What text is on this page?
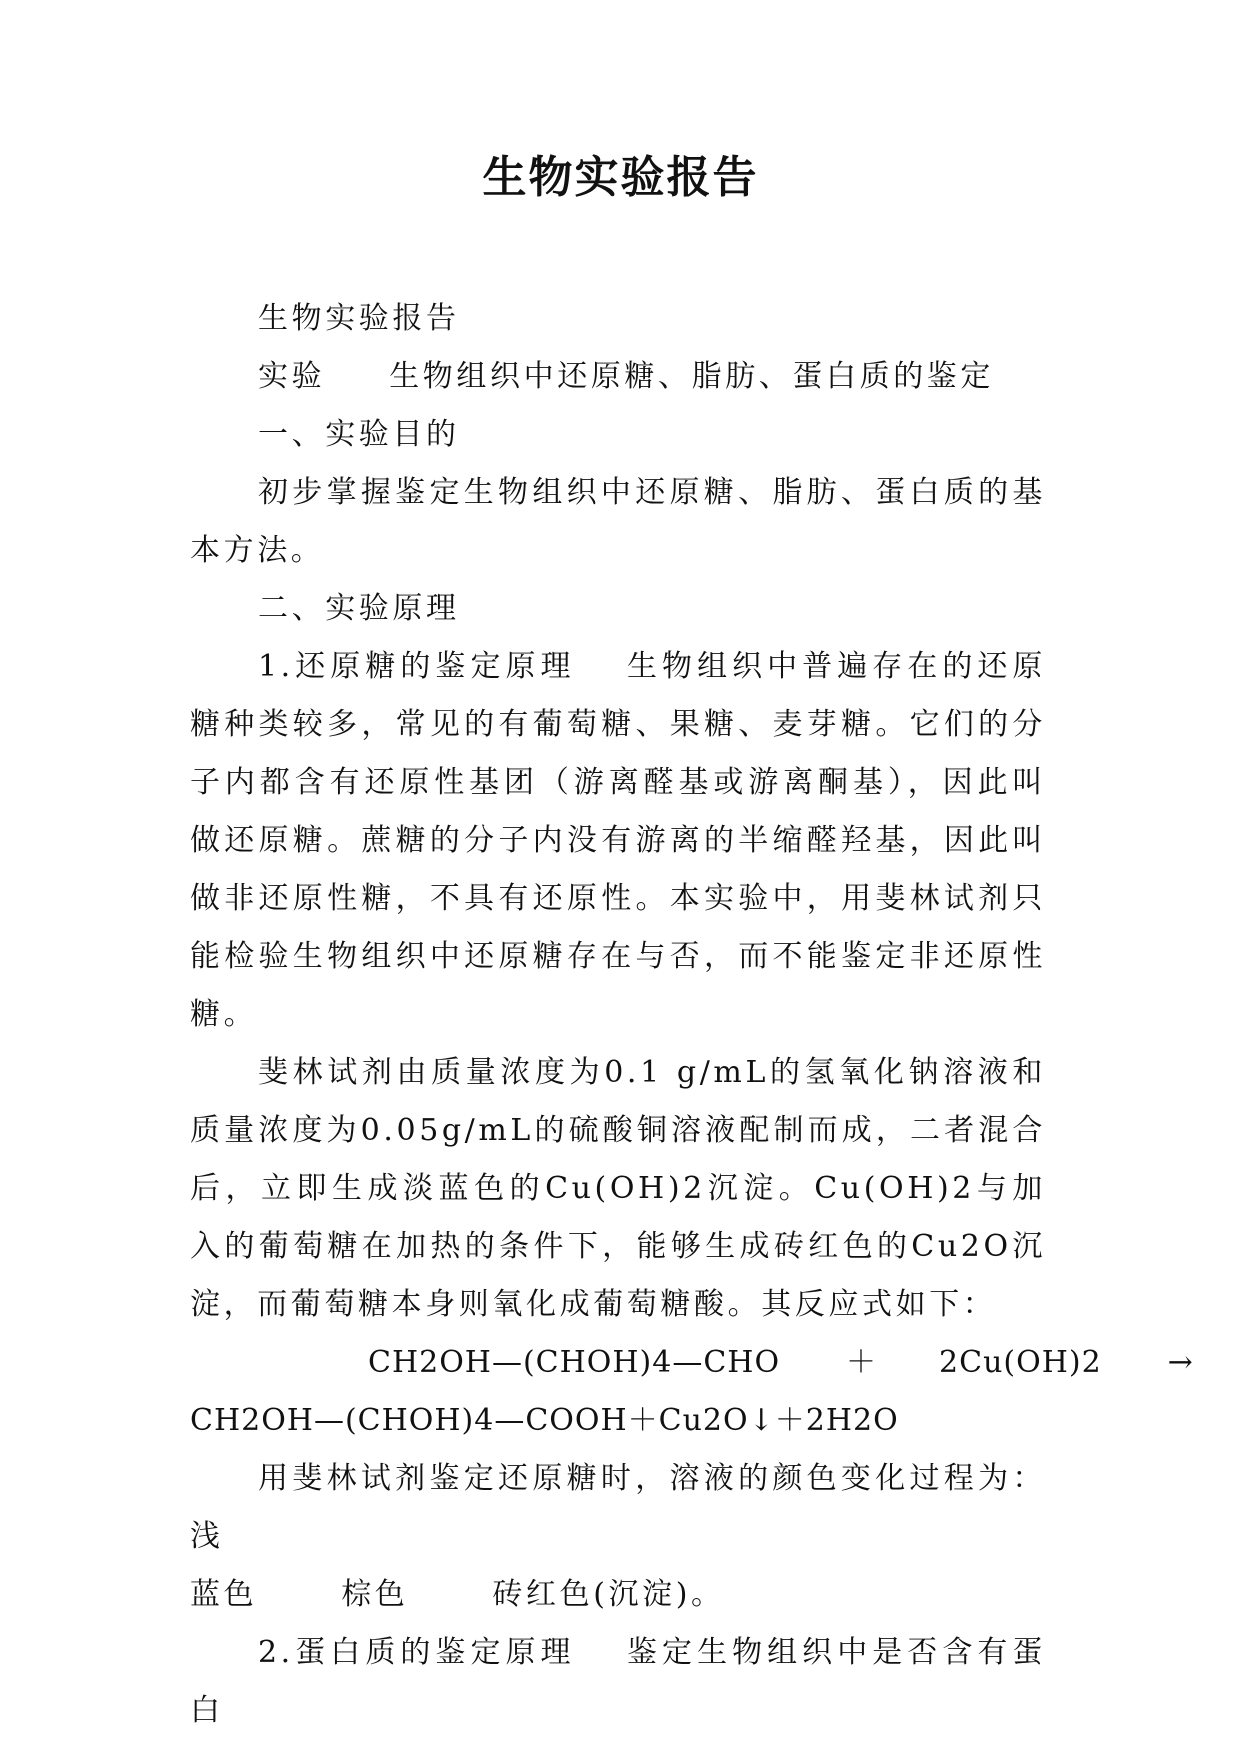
生物实验报告

生物实验报告

实验 生物组织中还原糖、脂肪、蛋白质的鉴定

一、实验目的

初步掌握鉴定生物组织中还原糖、脂肪、蛋白质的基本方法。

二、实验原理

1.还原糖的鉴定原理 生物组织中普遍存在的还原糖种类较多，常见的有葡萄糖、果糖、麦芽糖。它们的分子内都含有还原性基团（游离醛基或游离酮基），因此叫做还原糖。蔗糖的分子内没有游离的半缩醛羟基，因此叫做非还原性糖，不具有还原性。本实验中，用斐林试剂只能检验生物组织中还原糖存在与否，而不能鉴定非还原性糖。

斐林试剂由质量浓度为0.1 g/mL的氢氧化钠溶液和质量浓度为0.05g/mL的硫酸铜溶液配制而成，二者混合后，立即生成淡蓝色的Cu(OH)2沉淀。Cu(OH)2与加入的葡萄糖在加热的条件下，能够生成砖红色的Cu2O沉淀，而葡萄糖本身则氧化成葡萄糖酸。其反应式如下：

CH2OH—(CHOH)4—CHO ＋ 2Cu(OH)2 →

CH2OH—(CHOH)4—COOH＋Cu2O↓＋2H2O

用斐林试剂鉴定还原糖时，溶液的颜色变化过程为：浅

蓝色	棕色	砖红色(沉淀)。

2.蛋白质的鉴定原理 鉴定生物组织中是否含有蛋白
